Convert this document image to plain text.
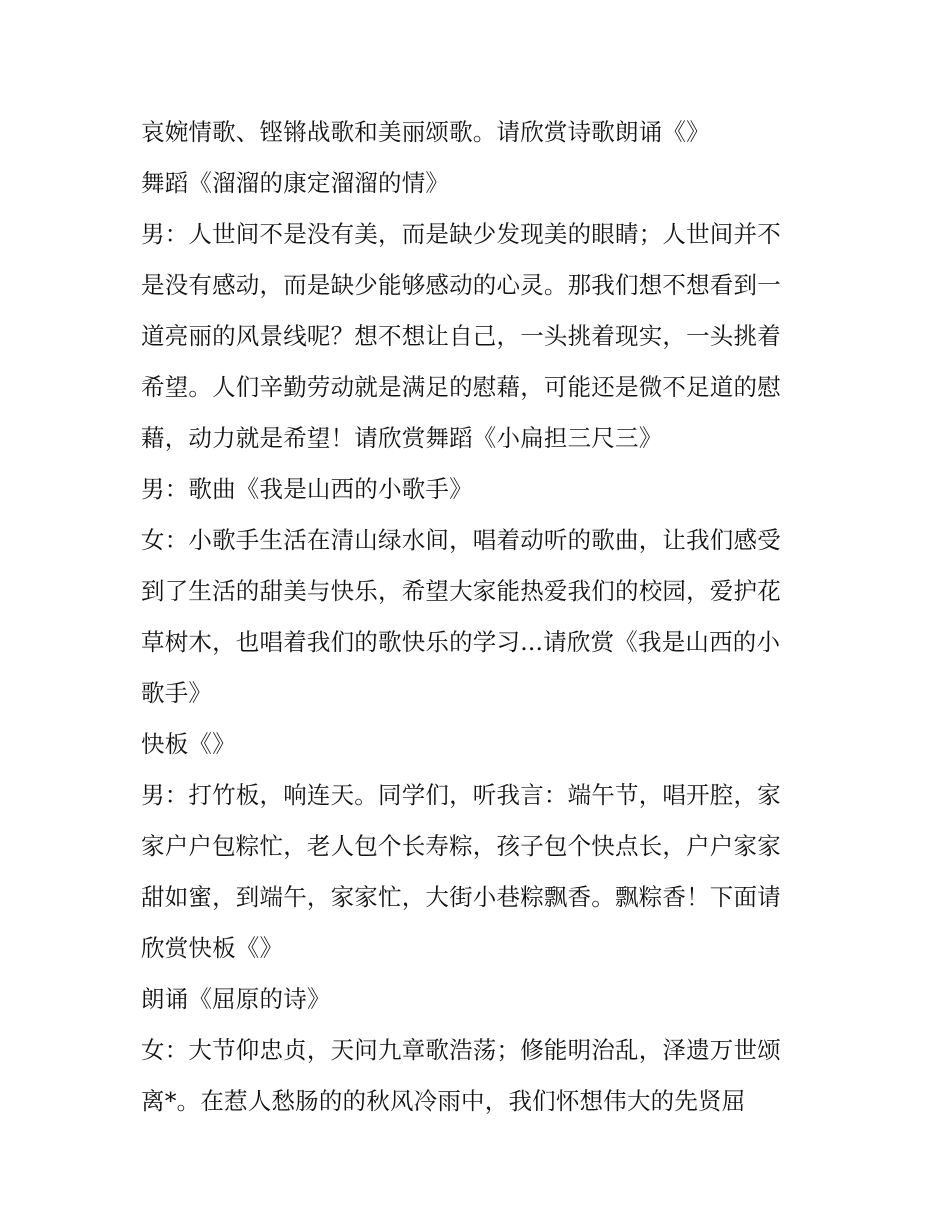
哀婉情歌、铿锵战歌和美丽颂歌。请欣赏诗歌朗诵《》
舞蹈《溜溜的康定溜溜的情》
男：人世间不是没有美，而是缺少发现美的眼睛；人世间并不
是没有感动，而是缺少能够感动的心灵。那我们想不想看到一
道亮丽的风景线呢？想不想让自己，一头挑着现实，一头挑着
希望。人们辛勤劳动就是满足的慰藉，可能还是微不足道的慰
藉，动力就是希望！请欣赏舞蹈《小扁担三尺三》
男：歌曲《我是山西的小歌手》
女：小歌手生活在清山绿水间，唱着动听的歌曲，让我们感受
到了生活的甜美与快乐，希望大家能热爱我们的校园，爱护花
草树木，也唱着我们的歌快乐的学习...请欣赏《我是山西的小
歌手》
快板《》
男：打竹板，响连天。同学们，听我言：端午节，唱开腔，家
家户户包粽忙，老人包个长寿粽，孩子包个快点长，户户家家
甜如蜜，到端午，家家忙，大街小巷粽飘香。飘粽香！下面请
欣赏快板《》
朗诵《屈原的诗》
女：大节仰忠贞，天问九章歌浩荡；修能明治乱，泽遗万世颂
离*。在惹人愁肠的的秋风冷雨中，我们怀想伟大的先贤屈
